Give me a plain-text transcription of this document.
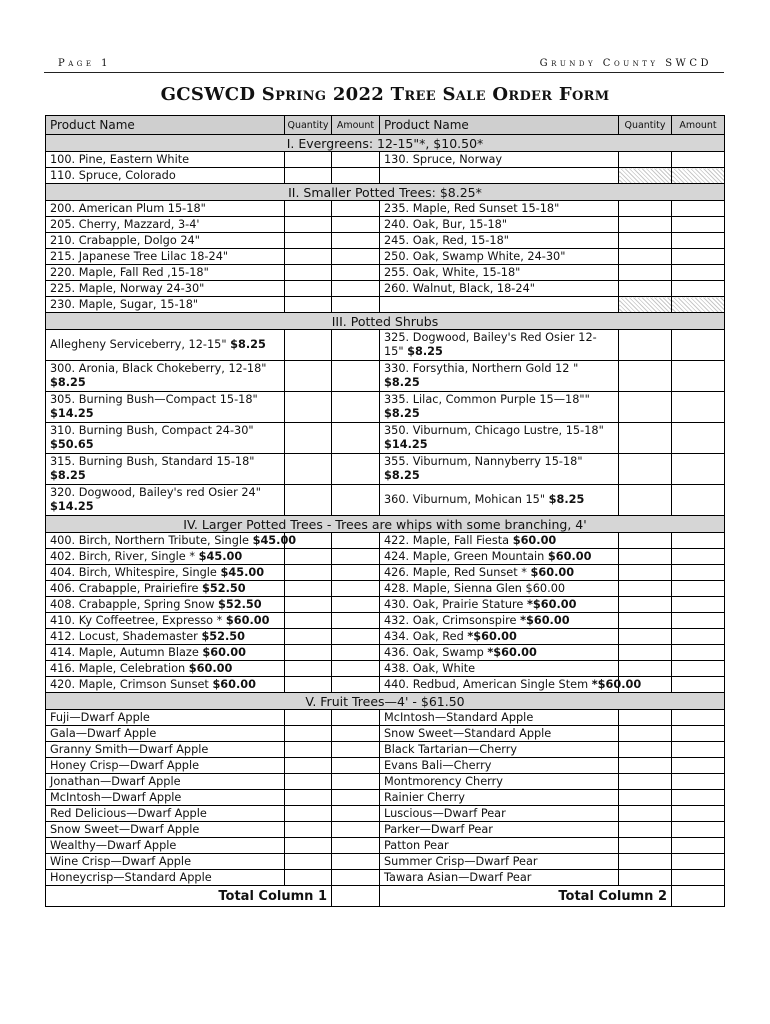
Page 1	Grundy County SWCD
GCSWCD Spring 2022 Tree Sale Order Form
Product Name	Quantity	Amount	Product Name	Quantity	Amount
I. Evergreens: 12-15"*, $10.50*					
100. Pine, Eastern White			130. Spruce, Norway		
110. Spruce, Colorado					
II. Smaller Potted Trees: $8.25*					
200. American Plum 15-18"			235. Maple, Red Sunset 15-18"		
205. Cherry, Mazzard, 3-4'			240. Oak, Bur, 15-18"		
210. Crabapple, Dolgo 24"			245. Oak, Red, 15-18"		
215. Japanese Tree Lilac 18-24"			250. Oak, Swamp White, 24-30"		
220. Maple, Fall Red ,15-18"			255. Oak, White, 15-18"		
225. Maple, Norway 24-30"			260. Walnut, Black, 18-24"		
230. Maple, Sugar, 15-18"					
III. Potted Shrubs					
Allegheny Serviceberry, 12-15" $8.25			325. Dogwood, Bailey's Red Osier 12-15" $8.25		
300. Aronia, Black Chokeberry, 12-18" $8.25			330. Forsythia, Northern Gold 12 " $8.25		
305. Burning Bush—Compact 15-18" $14.25			335. Lilac, Common Purple 15—18"" $8.25		
310. Burning Bush, Compact 24-30" $50.65			350. Viburnum, Chicago Lustre, 15-18" $14.25		
315. Burning Bush, Standard 15-18" $8.25			355. Viburnum, Nannyberry 15-18" $8.25		
320. Dogwood, Bailey's red Osier 24" $14.25			360. Viburnum, Mohican 15" $8.25		
IV. Larger Potted Trees - Trees are whips with some branching, 4'					
400. Birch, Northern Tribute, Single $45.00			422. Maple, Fall Fiesta $60.00		
402. Birch, River, Single * $45.00			424. Maple, Green Mountain $60.00		
404. Birch, Whitespire, Single $45.00			426. Maple, Red Sunset * $60.00		
406. Crabapple, Prairiefire $52.50			428. Maple, Sienna Glen $60.00		
408. Crabapple, Spring Snow $52.50			430. Oak, Prairie Stature *$60.00		
410. Ky Coffeetree, Expresso * $60.00			432. Oak, Crimsonspire *$60.00		
412. Locust, Shademaster $52.50			434. Oak, Red *$60.00		
414. Maple, Autumn Blaze $60.00			436. Oak, Swamp *$60.00		
416. Maple, Celebration $60.00			438. Oak, White		
420. Maple, Crimson Sunset $60.00			440. Redbud, American Single Stem *$60.00		
V. Fruit Trees—4' - $61.50					
Fuji—Dwarf Apple			McIntosh—Standard Apple		
Gala—Dwarf Apple			Snow Sweet—Standard Apple		
Granny Smith—Dwarf Apple			Black Tartarian—Cherry		
Honey Crisp—Dwarf Apple			Evans Bali—Cherry		
Jonathan—Dwarf Apple			Montmorency Cherry		
McIntosh—Dwarf Apple			Rainier Cherry		
Red Delicious—Dwarf Apple			Luscious—Dwarf Pear		
Snow Sweet—Dwarf Apple			Parker—Dwarf Pear		
Wealthy—Dwarf Apple			Patton Pear		
Wine Crisp—Dwarf Apple			Summer Crisp—Dwarf Pear		
Honeycrisp—Standard Apple			Tawara Asian—Dwarf Pear		
Total Column 1			Total Column 2		
